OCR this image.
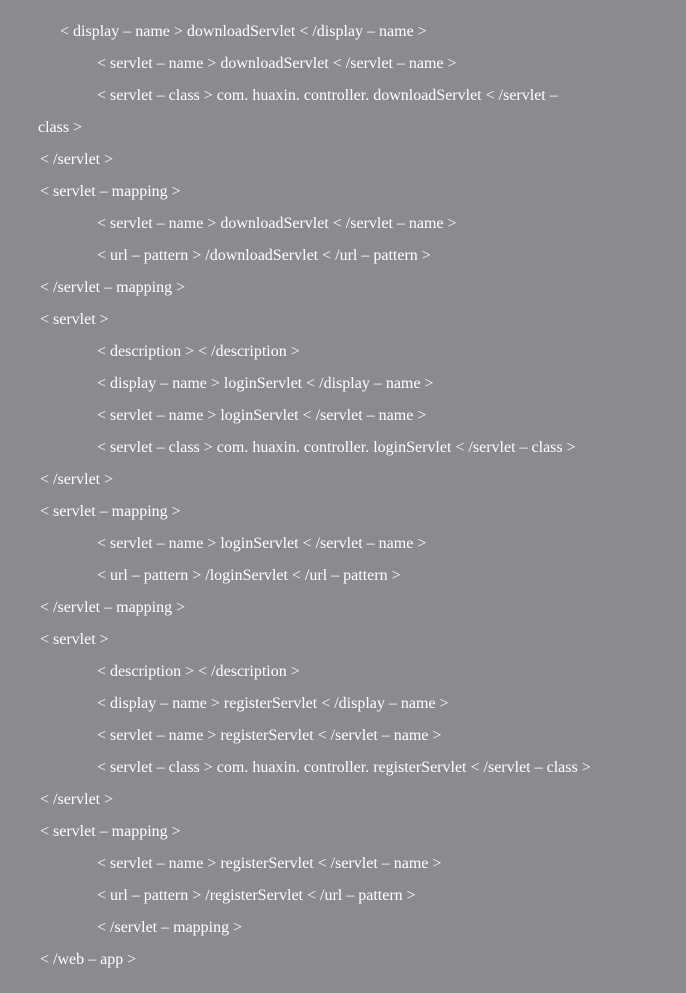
< display – name > downloadServlet < /display – name >
< servlet – name > downloadServlet < /servlet – name >
< servlet – class > com. huaxin. controller. downloadServlet < /servlet –
class >
< /servlet >
< servlet – mapping >
< servlet – name > downloadServlet < /servlet – name >
< url – pattern > /downloadServlet < /url – pattern >
< /servlet – mapping >
< servlet >
< description > < /description >
< display – name > loginServlet < /display – name >
< servlet – name > loginServlet < /servlet – name >
< servlet – class > com. huaxin. controller. loginServlet < /servlet – class >
< /servlet >
< servlet – mapping >
< servlet – name > loginServlet < /servlet – name >
< url – pattern > /loginServlet < /url – pattern >
< /servlet – mapping >
< servlet >
< description > < /description >
< display – name > registerServlet < /display – name >
< servlet – name > registerServlet < /servlet – name >
< servlet – class > com. huaxin. controller. registerServlet < /servlet – class >
< /servlet >
< servlet – mapping >
< servlet – name > registerServlet < /servlet – name >
< url – pattern > /registerServlet < /url – pattern >
< /servlet – mapping >
< /web – app >
